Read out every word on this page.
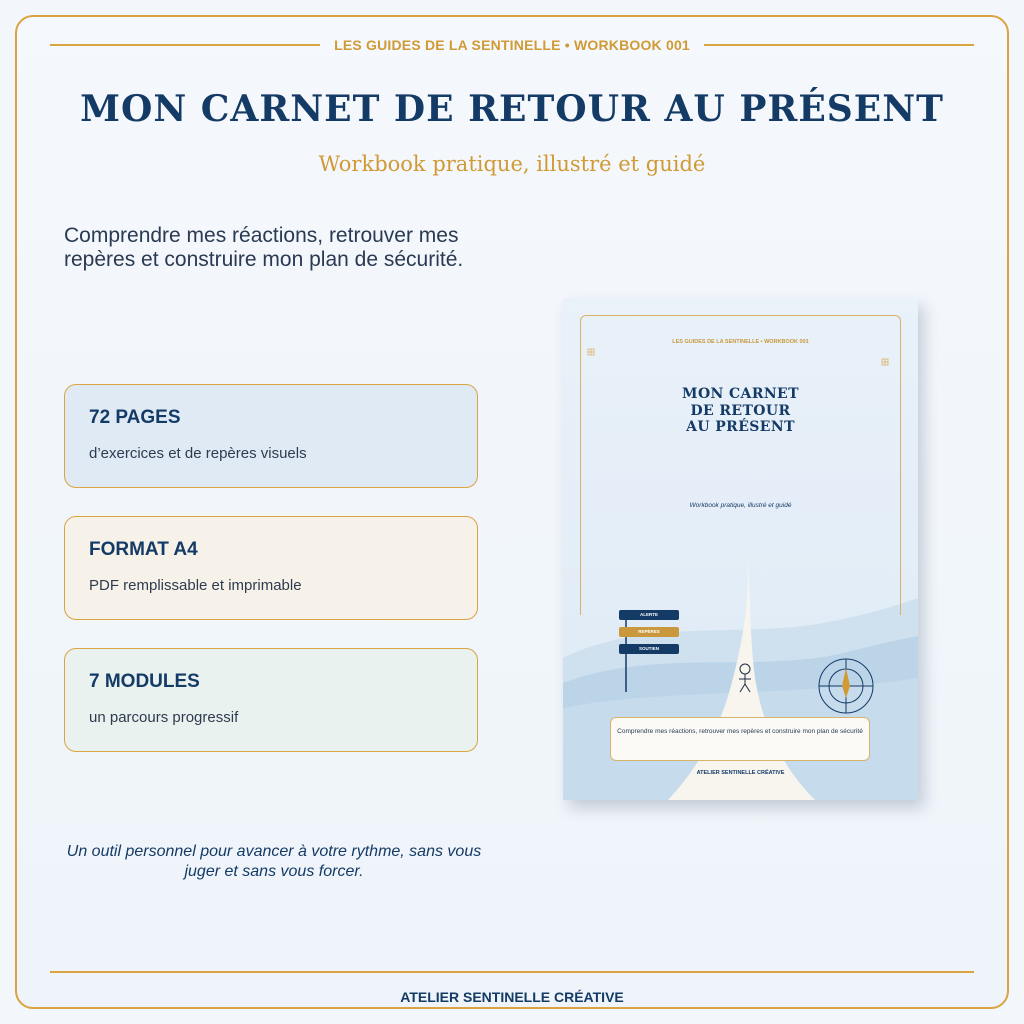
LES GUIDES DE LA SENTINELLE • WORKBOOK 001
MON CARNET DE RETOUR AU PRÉSENT
Workbook pratique, illustré et guidé

Comprendre mes réactions, retrouver mes repères et construire mon plan de sécurité.

72 PAGES
d’exercices et de repères visuels
FORMAT A4
PDF remplissable et imprimable
7 MODULES
un parcours progressif

Un outil personnel pour avancer à votre rythme, sans vous juger et sans vous forcer.

LES GUIDES DE LA SENTINELLE • WORKBOOK 001
MON CARNET
DE RETOUR
AU PRÉSENT
Workbook pratique, illustré et guidé
ALERTE
REPÈRES
SOUTIEN
Comprendre mes réactions, retrouver mes repères et construire mon plan de sécurité
ATELIER SENTINELLE CRÉATIVE
ATELIER SENTINELLE CRÉATIVE
